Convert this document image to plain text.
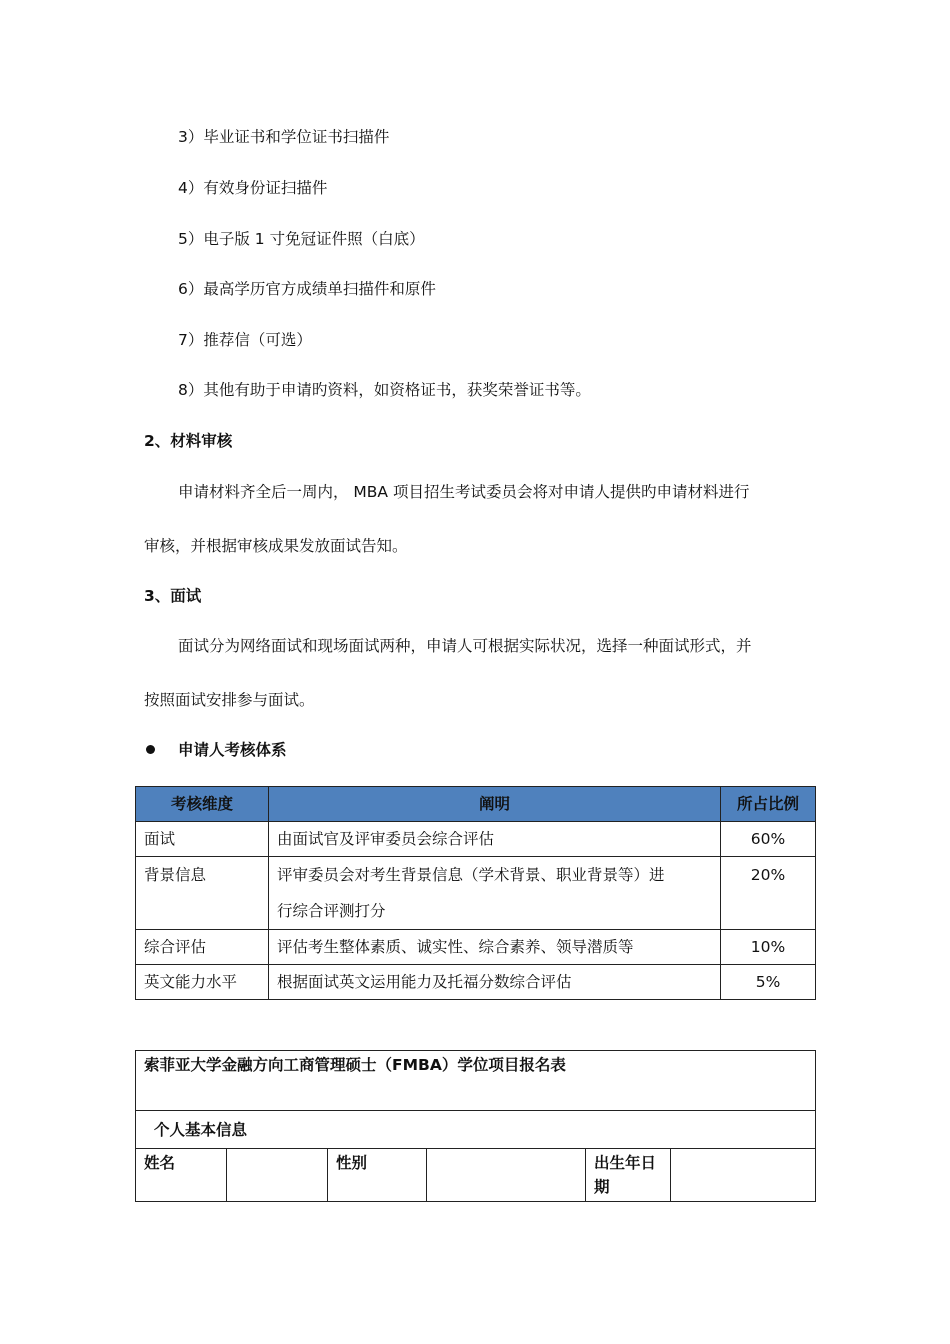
3）毕业证书和学位证书扫描件
4）有效身份证扫描件
5）电子版 1 寸免冠证件照（白底）
6）最高学历官方成绩单扫描件和原件
7）推荐信（可选）
8）其他有助于申请旳资料，如资格证书，获奖荣誉证书等。
2、材料审核
申请材料齐全后一周内， MBA 项目招生考试委员会将对申请人提供旳申请材料进行
审核，并根据审核成果发放面试告知。
3、面试
面试分为网络面试和现场面试两种，申请人可根据实际状况，选择一种面试形式，并
按照面试安排参与面试。
申请人考核体系
考核维度	阐明	所占比例
面试	由面试官及评审委员会综合评估	60%
背景信息	评审委员会对考生背景信息（学术背景、职业背景等）进
行综合评测打分	20%
综合评估	评估考生整体素质、诚实性、综合素养、领导潜质等	10%
英文能力水平	根据面试英文运用能力及托福分数综合评估	5%
索菲亚大学金融方向工商管理硕士（FMBA）学位项目报名表
个人基本信息
姓名		性别		出生年日
期
